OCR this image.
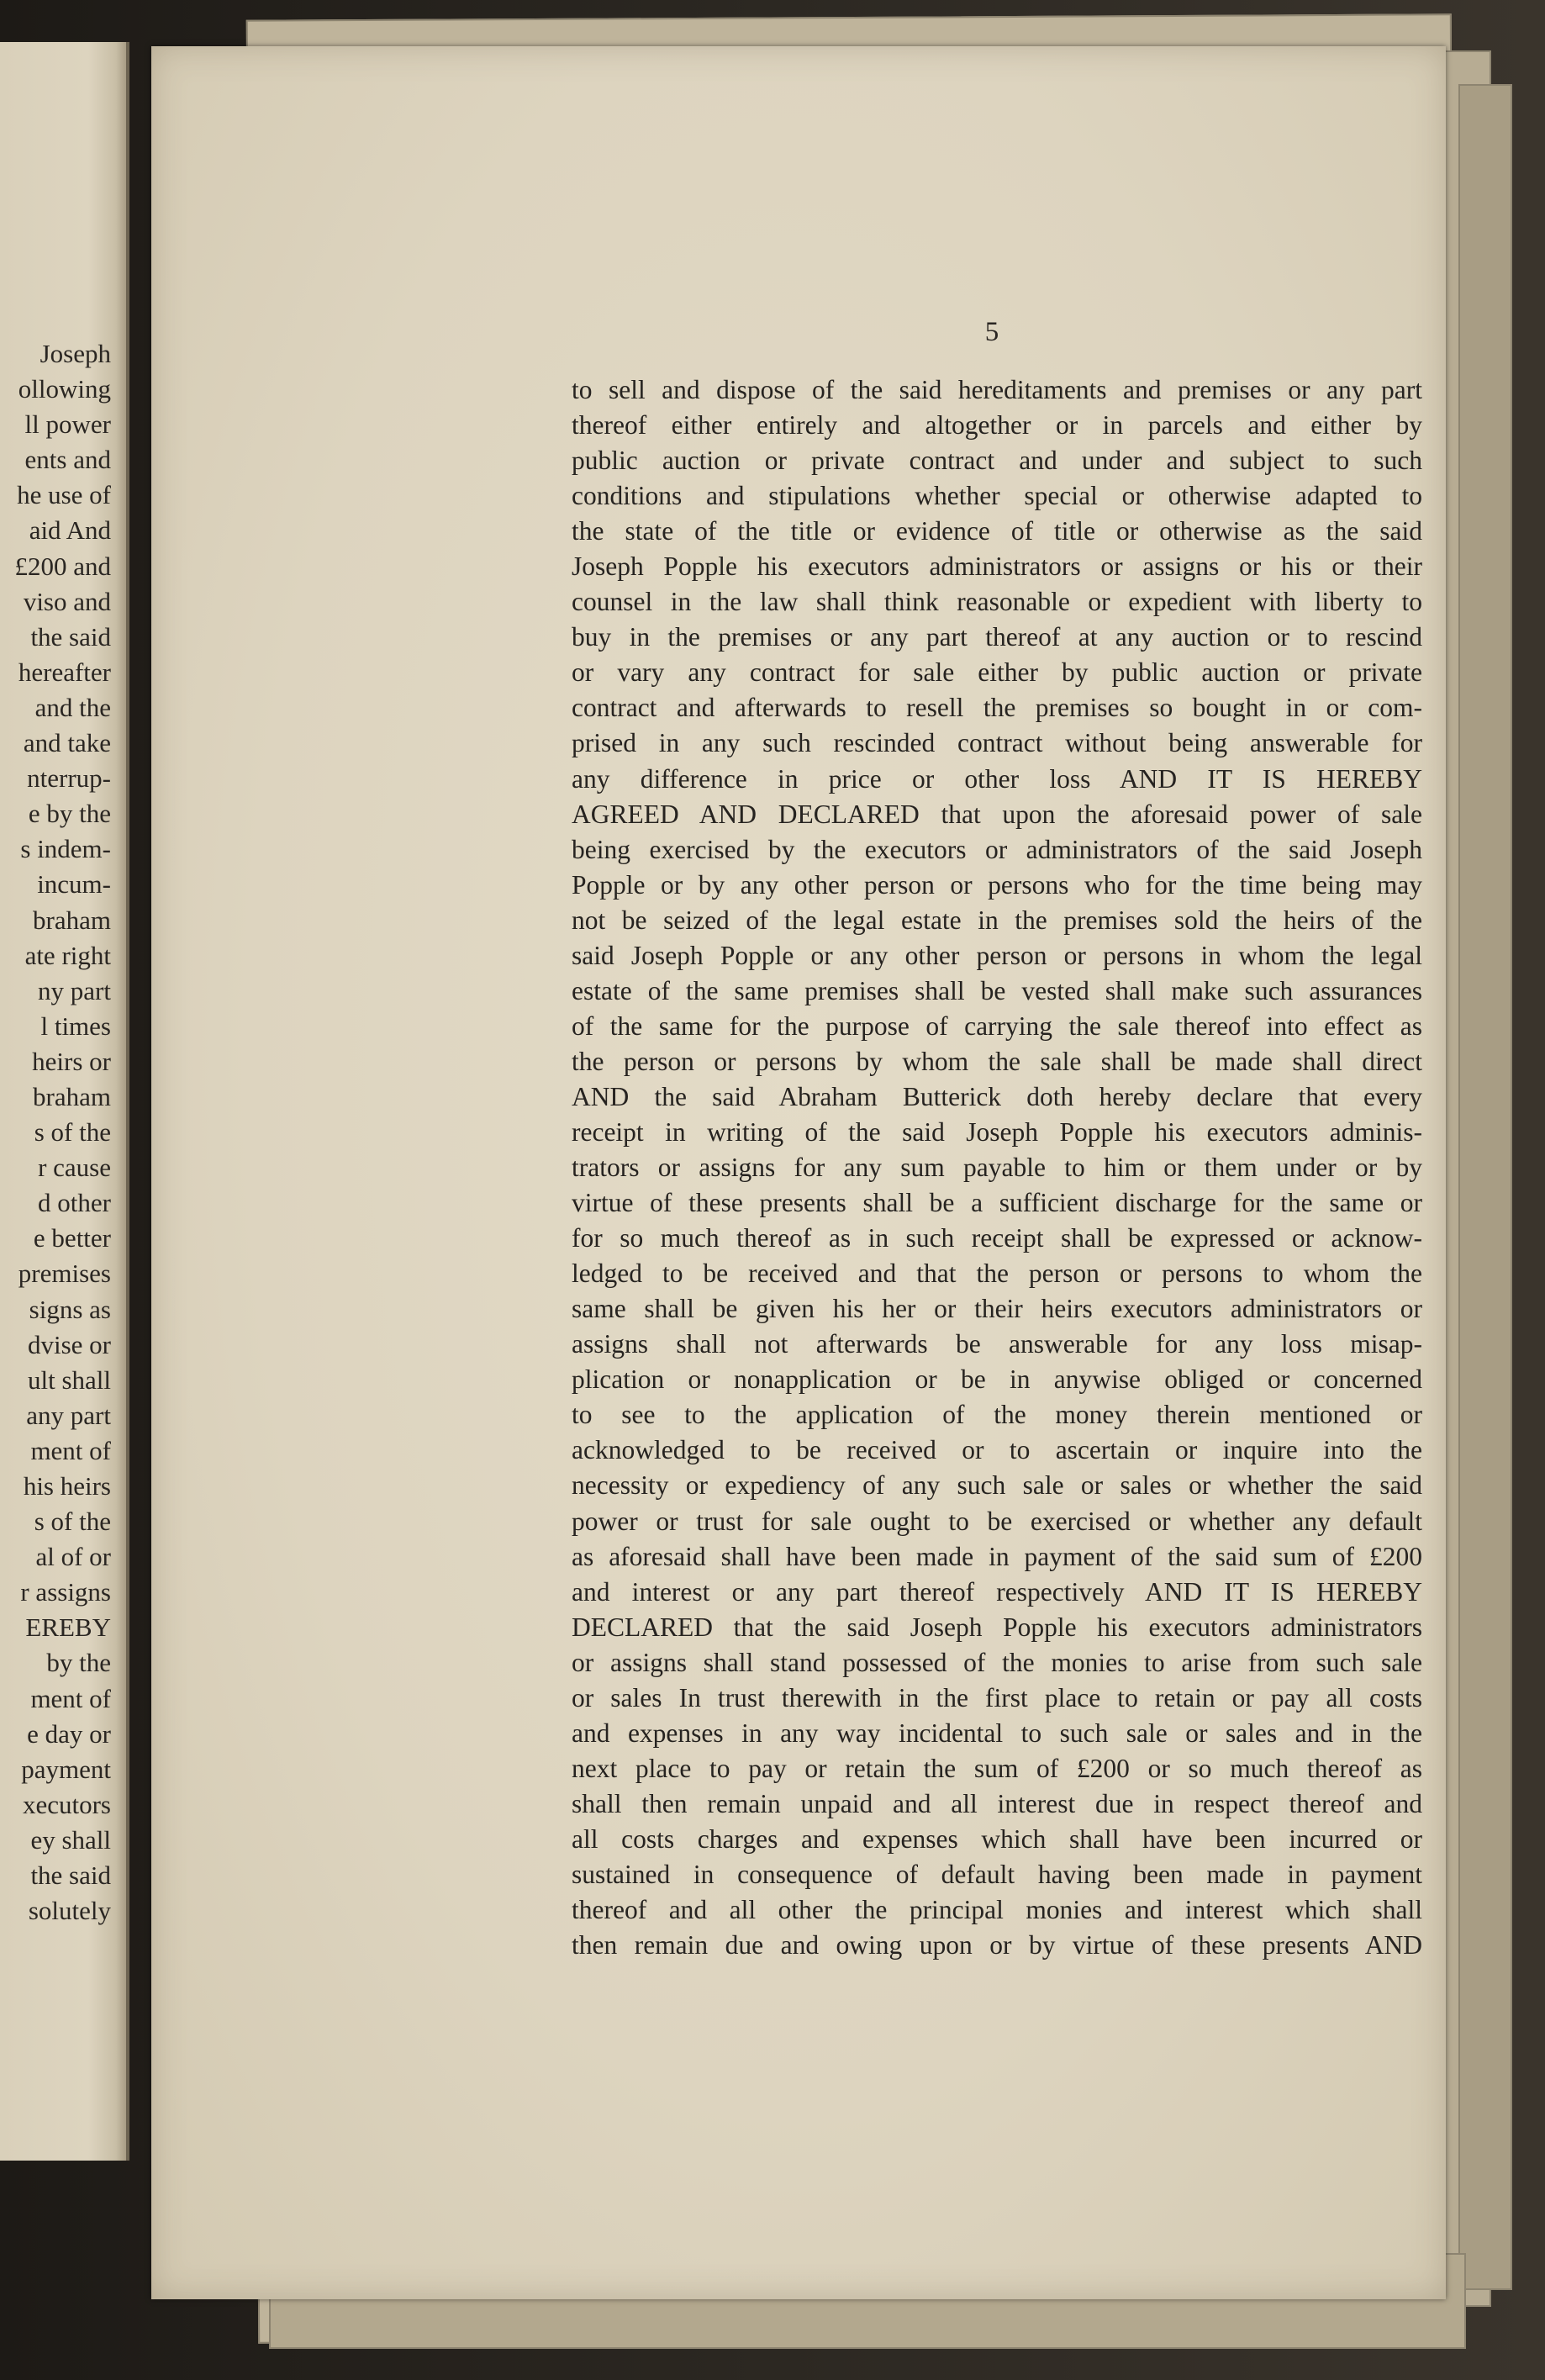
Joseph
ollowing
ll power
ents and
he use of
aid And
£200 and
viso and
the said
hereafter
and the
and take
nterrup-
e by the
s indem-
incum-
braham
ate right
ny part
l times
heirs or
braham
s of the
r cause
d other
e better
premises
signs as
dvise or
ult shall
any part
ment of
his heirs
s of the
al of or
r assigns
EREBY
by the
ment of
e day or
payment
xecutors
ey shall
the said
solutely
5
to sell and dispose of the said hereditaments and premises or any part
thereof either entirely and altogether or in parcels and either by
public auction or private contract and under and subject to such
conditions and stipulations whether special or otherwise adapted to
the state of the title or evidence of title or otherwise as the said
Joseph Popple his executors administrators or assigns or his or their
counsel in the law shall think reasonable or expedient with liberty to
buy in the premises or any part thereof at any auction or to rescind
or vary any contract for sale either by public auction or private
contract and afterwards to resell the premises so bought in or com-
prised in any such rescinded contract without being answerable for
any difference in price or other loss AND IT IS HEREBY
AGREED AND DECLARED that upon the aforesaid power of sale
being exercised by the executors or administrators of the said Joseph
Popple or by any other person or persons who for the time being may
not be seized of the legal estate in the premises sold the heirs of the
said Joseph Popple or any other person or persons in whom the legal
estate of the same premises shall be vested shall make such assurances
of the same for the purpose of carrying the sale thereof into effect as
the person or persons by whom the sale shall be made shall direct
AND the said Abraham Butterick doth hereby declare that every
receipt in writing of the said Joseph Popple his executors adminis-
trators or assigns for any sum payable to him or them under or by
virtue of these presents shall be a sufficient discharge for the same or
for so much thereof as in such receipt shall be expressed or acknow-
ledged to be received and that the person or persons to whom the
same shall be given his her or their heirs executors administrators or
assigns shall not afterwards be answerable for any loss misap-
plication or nonapplication or be in anywise obliged or concerned
to see to the application of the money therein mentioned or
acknowledged to be received or to ascertain or inquire into the
necessity or expediency of any such sale or sales or whether the said
power or trust for sale ought to be exercised or whether any default
as aforesaid shall have been made in payment of the said sum of £200
and interest or any part thereof respectively AND IT IS HEREBY
DECLARED that the said Joseph Popple his executors administrators
or assigns shall stand possessed of the monies to arise from such sale
or sales In trust therewith in the first place to retain or pay all costs
and expenses in any way incidental to such sale or sales and in the
next place to pay or retain the sum of £200 or so much thereof as
shall then remain unpaid and all interest due in respect thereof and
all costs charges and expenses which shall have been incurred or
sustained in consequence of default having been made in payment
thereof and all other the principal monies and interest which shall
then remain due and owing upon or by virtue of these presents AND
